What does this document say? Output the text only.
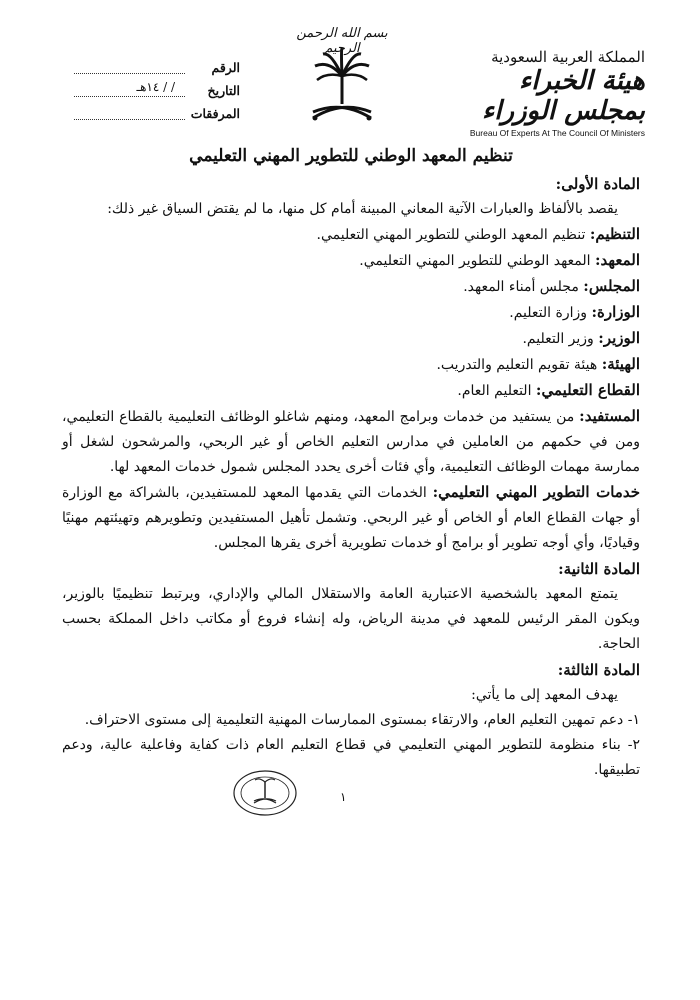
المملكة العربية السعودية
هيئة الخبراء بمجلس الوزراء
Bureau Of Experts At The Council Of Ministers
بسم الله الرحمن الرحيم
الرقم
التاريخ
/ / ١٤هـ
المرفقات
تنظيم المعهد الوطني للتطوير المهني التعليمي
المادة الأولى:
يقصد بالألفاظ والعبارات الآتية المعاني المبينة أمام كل منها، ما لم يقتض السياق غير ذلك:
التنظيم: تنظيم المعهد الوطني للتطوير المهني التعليمي.
المعهد: المعهد الوطني للتطوير المهني التعليمي.
المجلس: مجلس أمناء المعهد.
الوزارة: وزارة التعليم.
الوزير: وزير التعليم.
الهيئة: هيئة تقويم التعليم والتدريب.
القطاع التعليمي: التعليم العام.
المستفيد: من يستفيد من خدمات وبرامج المعهد، ومنهم شاغلو الوظائف التعليمية بالقطاع التعليمي، ومن في حكمهم من العاملين في مدارس التعليم الخاص أو غير الربحي، والمرشحون لشغل أو ممارسة مهمات الوظائف التعليمية، وأي فئات أخرى يحدد المجلس شمول خدمات المعهد لها.
خدمات التطوير المهني التعليمي: الخدمات التي يقدمها المعهد للمستفيدين، بالشراكة مع الوزارة أو جهات القطاع العام أو الخاص أو غير الربحي. وتشمل تأهيل المستفيدين وتطويرهم وتهيئتهم مهنيًا وقياديًا، وأي أوجه تطوير أو برامج أو خدمات تطويرية أخرى يقرها المجلس.
المادة الثانية:
يتمتع المعهد بالشخصية الاعتبارية العامة والاستقلال المالي والإداري، ويرتبط تنظيميًا بالوزير، ويكون المقر الرئيس للمعهد في مدينة الرياض، وله إنشاء فروع أو مكاتب داخل المملكة بحسب الحاجة.
المادة الثالثة:
يهدف المعهد إلى ما يأتي:
١- دعم تمهين التعليم العام، والارتقاء بمستوى الممارسات المهنية التعليمية إلى مستوى الاحتراف.
٢- بناء منظومة للتطوير المهني التعليمي في قطاع التعليم العام ذات كفاية وفاعلية عالية، ودعم تطبيقها.
١
